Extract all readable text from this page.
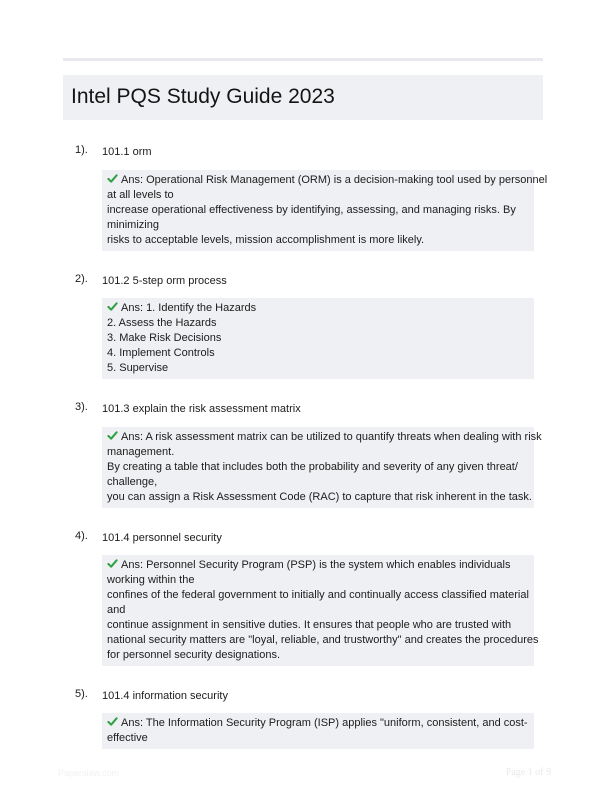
Intel PQS Study Guide 2023
1). 101.1 orm
Ans: Operational Risk Management (ORM) is a decision-making tool used by personnel
at all levels to
increase operational effectiveness by identifying, assessing, and managing risks. By
minimizing
risks to acceptable levels, mission accomplishment is more likely.
2). 101.2 5-step orm process
Ans: 1. Identify the Hazards
2. Assess the Hazards
3. Make Risk Decisions
4. Implement Controls
5. Supervise
3). 101.3 explain the risk assessment matrix
Ans: A risk assessment matrix can be utilized to quantify threats when dealing with risk
management.
By creating a table that includes both the probability and severity of any given threat/
challenge,
you can assign a Risk Assessment Code (RAC) to capture that risk inherent in the task.
4). 101.4 personnel security
Ans: Personnel Security Program (PSP) is the system which enables individuals
working within the
confines of the federal government to initially and continually access classified material
and
continue assignment in sensitive duties. It ensures that people who are trusted with
national security matters are "loyal, reliable, and trustworthy" and creates the procedures
for personnel security designations.
5). 101.4 information security
Ans: The Information Security Program (ISP) applies "uniform, consistent, and cost-
effective
Paperslaw.com	Page 1 of 9
